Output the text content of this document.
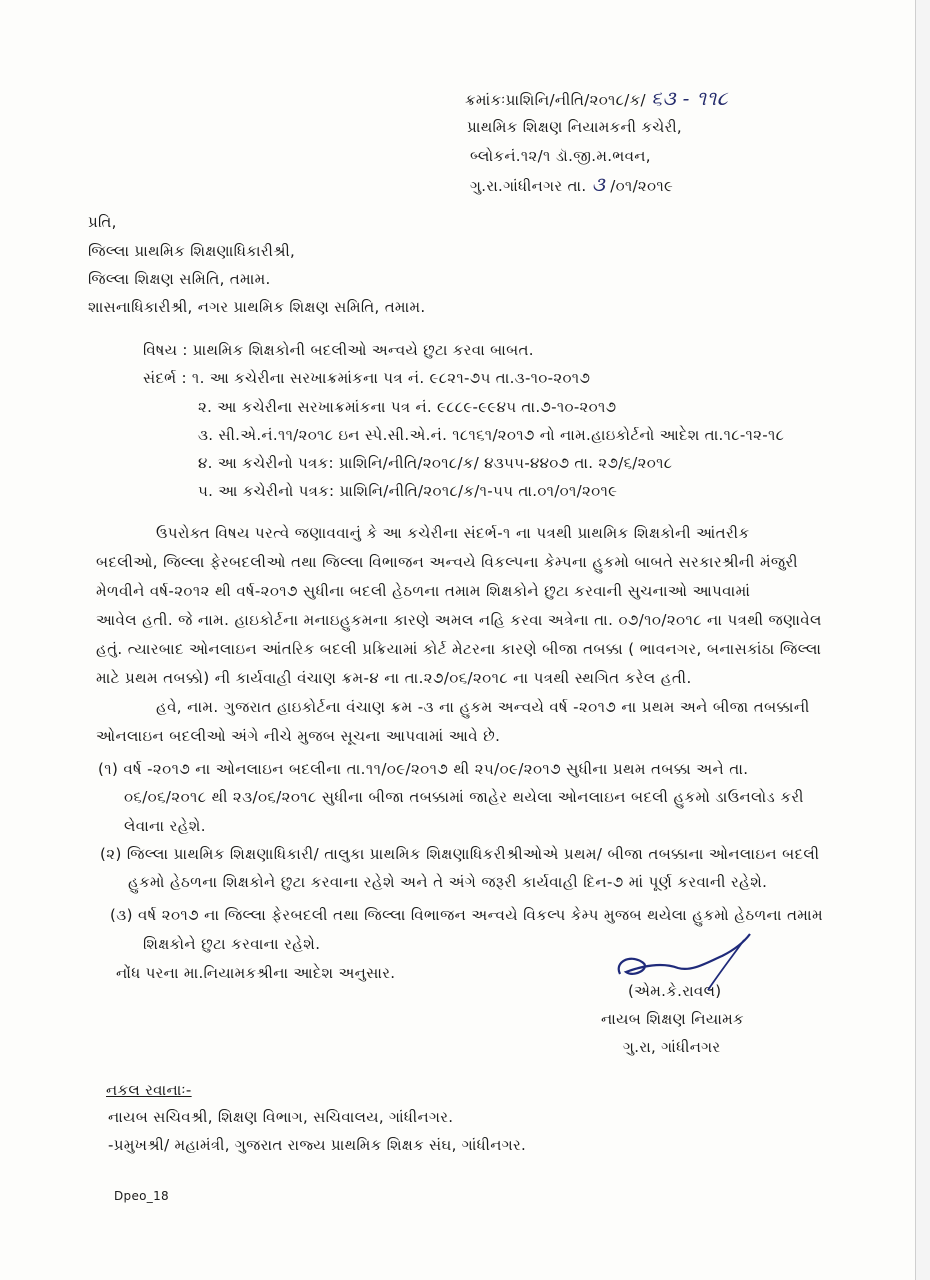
ક્રમાંકઃપ્રાશિનિ/નીતિ/૨૦૧૮/ક/ ૬૩ - ૧૧૮
પ્રાથમિક શિક્ષણ નિયામકની કચેરી,
બ્લોકનં.૧૨/૧ ડૉ.જી.મ.ભવન,
ગુ.રા.ગાંધીનગર તા. ૩ /૦૧/૨૦૧૯
પ્રતિ,
જિલ્લા પ્રાથમિક શિક્ષણાધિકારીશ્રી,
જિલ્લા શિક્ષણ સમિતિ, તમામ.
શાસનાધિકારીશ્રી, નગર પ્રાથમિક શિક્ષણ સમિતિ, તમામ.
વિષય : પ્રાથમિક શિક્ષકોની બદલીઓ અન્વયે છુટા કરવા બાબત.
સંદર્ભ : ૧. આ કચેરીના સરખાક્રમાંકના પત્ર નં. ૯૮૨૧-૭૫ તા.૩-૧૦-૨૦૧૭
૨. આ કચેરીના સરખાક્રમાંકના પત્ર નં. ૯૮૮૯-૯૯૪૫ તા.૭-૧૦-૨૦૧૭
૩. સી.એ.નં.૧૧/૨૦૧૮ ઇન સ્પે.સી.એ.નં. ૧૮૧૬૧/૨૦૧૭ નો નામ.હાઇકોર્ટનો આદેશ તા.૧૮-૧૨-૧૮
૪. આ કચેરીનો પત્રક: પ્રાશિનિ/નીતિ/૨૦૧૮/ક/ ૪૩૫૫-૪૪૦૭ તા. ૨૭/૬/૨૦૧૮
૫. આ કચેરીનો પત્રક: પ્રાશિનિ/નીતિ/૨૦૧૮/ક/૧-૫૫ તા.૦૧/૦૧/૨૦૧૯
ઉપરોક્ત વિષય પરત્વે જણાવવાનું કે આ કચેરીના સંદર્ભ-૧ ના પત્રથી પ્રાથમિક શિક્ષકોની આંતરીક
બદલીઓ, જિલ્લા ફેરબદલીઓ તથા જિલ્લા વિભાજન અન્વયે વિકલ્પના કેમ્પના હુકમો બાબતે સરકારશ્રીની મંજુરી
મેળવીને વર્ષ-૨૦૧૨ થી વર્ષ-૨૦૧૭ સુધીના બદલી હેઠળના તમામ શિક્ષકોને છુટા કરવાની સુચનાઓ આપવામાં
આવેલ હતી. જે નામ. હાઇકોર્ટના મનાઇહુકમના કારણે અમલ નહિ કરવા અત્રેના તા. ૦૭/૧૦/૨૦૧૮ ના પત્રથી જણાવેલ
હતું. ત્યારબાદ ઓનલાઇન આંતરિક બદલી પ્રક્રિયામાં કોર્ટ મેટરના કારણે બીજા તબક્કા ( ભાવનગર, બનાસકાંઠા જિલ્લા
માટે પ્રથમ તબક્કો) ની કાર્યવાહી વંચાણ ક્રમ-૪ ના તા.૨૭/૦૬/૨૦૧૮ ના પત્રથી સ્થગિત કરેલ હતી.
હવે, નામ. ગુજરાત હાઇકોર્ટના વંચાણ ક્રમ -૩ ના હુકમ અન્વયે વર્ષ -૨૦૧૭ ના પ્રથમ અને બીજા તબક્કાની
ઓનલાઇન બદલીઓ અંગે નીચે મુજબ સૂચના આપવામાં આવે છે.
(૧) વર્ષ -૨૦૧૭ ના ઓનલાઇન બદલીના તા.૧૧/૦૯/૨૦૧૭ થી ૨૫/૦૯/૨૦૧૭ સુધીના પ્રથમ તબક્કા અને તા.
૦૬/૦૬/૨૦૧૮ થી ૨૩/૦૬/૨૦૧૮ સુધીના બીજા તબક્કામાં જાહેર થયેલા ઓનલાઇન બદલી હુકમો ડાઉનલોડ કરી
લેવાના રહેશે.
(૨) જિલ્લા પ્રાથમિક શિક્ષણાધિકારી/ તાલુકા પ્રાથમિક શિક્ષણાધિકરીશ્રીઓએ પ્રથમ/ બીજા તબક્કાના ઓનલાઇન બદલી
હુકમો હેઠળના શિક્ષકોને છુટા કરવાના રહેશે અને તે અંગે જરૂરી કાર્યવાહી દિન-૭ માં પૂર્ણ કરવાની રહેશે.
(૩) વર્ષ ૨૦૧૭ ના જિલ્લા ફેરબદલી તથા જિલ્લા વિભાજન અન્વયે વિકલ્પ કેમ્પ મુજબ થયેલા હુકમો હેઠળના તમામ
શિક્ષકોને છુટા કરવાના રહેશે.
નોંધ પરના મા.નિયામકશ્રીના આદેશ અનુસાર.
(એમ.કે.રાવલ)
નાયબ શિક્ષણ નિયામક
ગુ.રા, ગાંધીનગર
નકલ રવાનાઃ-
નાયબ સચિવશ્રી, શિક્ષણ વિભાગ, સચિવાલય, ગાંધીનગર.
-પ્રમુખશ્રી/ મહામંત્રી, ગુજરાત રાજ્ય પ્રાથમિક શિક્ષક સંઘ, ગાંધીનગર.
Dpeo_18
